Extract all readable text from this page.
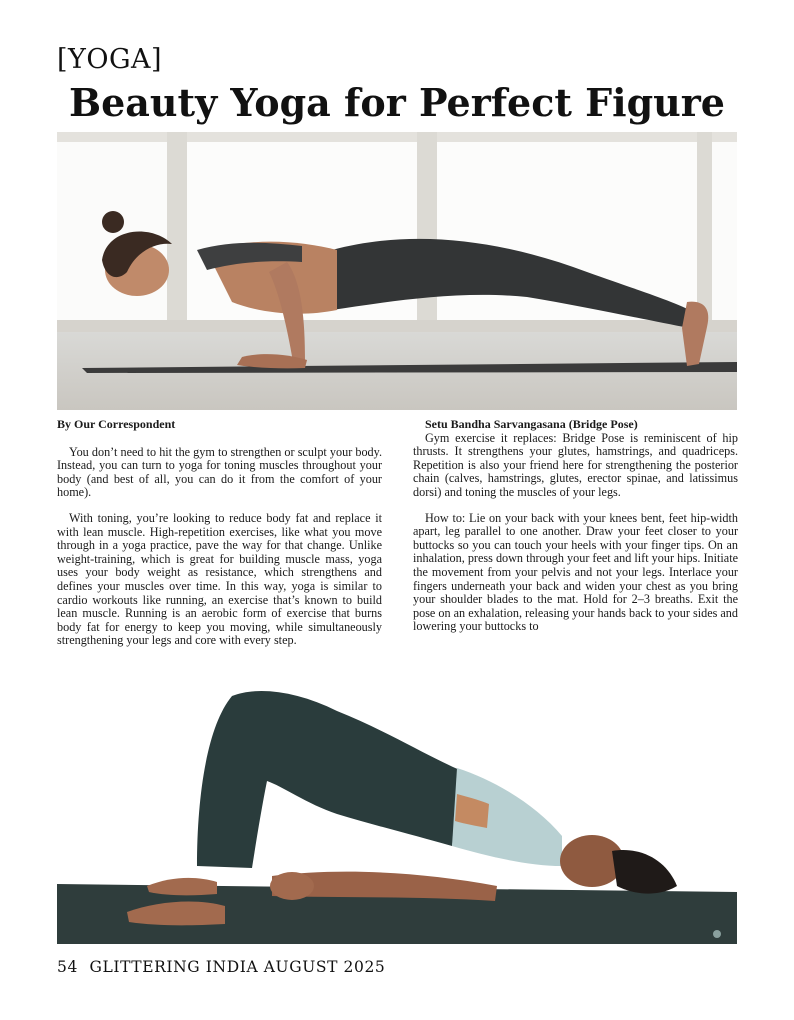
[YOGA]
Beauty Yoga for Perfect Figure

By Our Correspondent

You don’t need to hit the gym to strengthen or sculpt your body. Instead, you can turn to yoga for toning muscles throughout your body (and best of all, you can do it from the comfort of your home).

With toning, you’re looking to reduce body fat and replace it with lean muscle. High-repetition exercises, like what you move through in a yoga practice, pave the way for that change. Unlike weight-training, which is great for building muscle mass, yoga uses your body weight as resistance, which strengthens and defines your muscles over time. In this way, yoga is similar to cardio workouts like running, an exercise that’s known to build lean muscle. Running is an aerobic form of exercise that burns body fat for energy to keep you moving, while simultaneously strengthening your legs and core with every step.

Setu Bandha Sarvangasana (Bridge Pose)

Gym exercise it replaces: Bridge Pose is reminiscent of hip thrusts. It strengthens your glutes, hamstrings, and quadriceps. Repetition is also your friend here for strengthening the posterior chain (calves, hamstrings, glutes, erector spinae, and latissimus dorsi) and toning the muscles of your legs.

How to: Lie on your back with your knees bent, feet hip-width apart, leg parallel to one another. Draw your feet closer to your buttocks so you can touch your heels with your finger tips. On an inhalation, press down through your feet and lift your hips. Initiate the movement from your pelvis and not your legs. Interlace your fingers underneath your back and widen your chest as you bring your shoulder blades to the mat. Hold for 2–3 breaths. Exit the pose on an exhalation, releasing your hands back to your sides and lowering your buttocks to

54 GLITTERING INDIA AUGUST 2025
